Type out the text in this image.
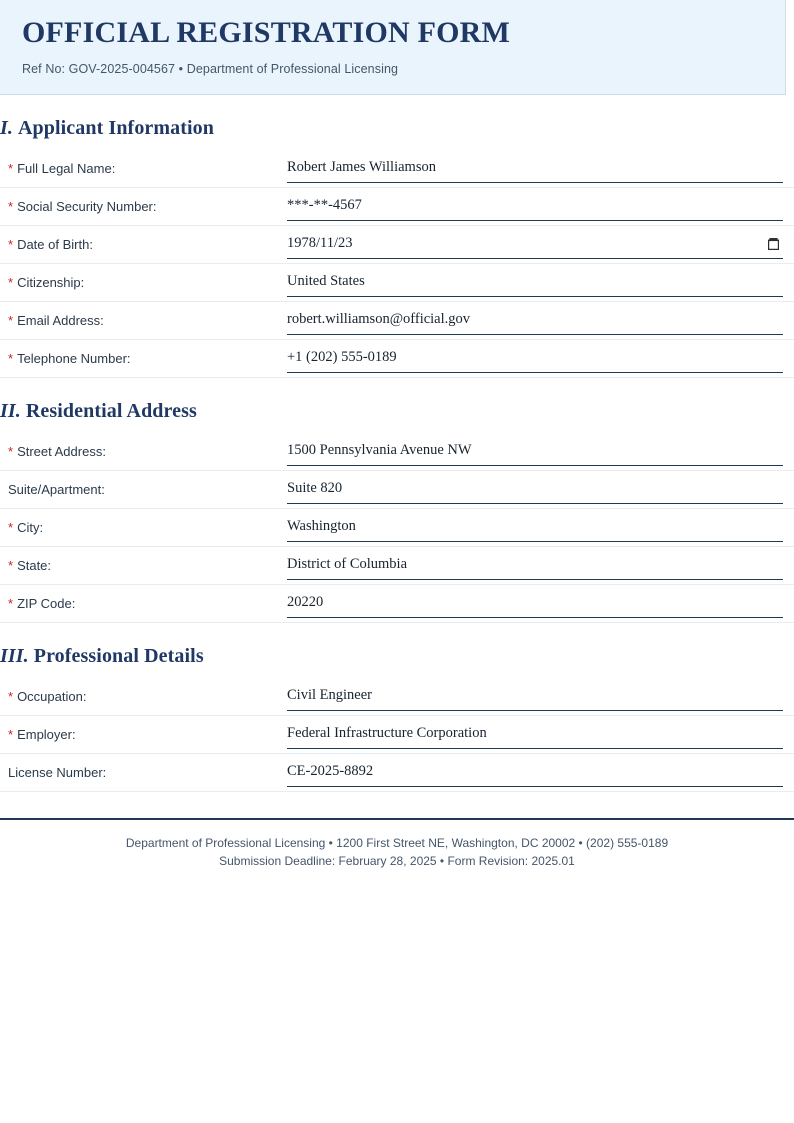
OFFICIAL REGISTRATION FORM

Ref No: GOV-2025-004567 • Department of Professional Licensing

I. Applicant Information
* Full Legal Name:	Robert James Williamson
* Social Security Number:	***-**-4567
* Date of Birth:	1978/11/23
* Citizenship:	United States
* Email Address:	robert.williamson@official.gov
* Telephone Number:	+1 (202) 555-0189
II. Residential Address
* Street Address:	1500 Pennsylvania Avenue NW
Suite/Apartment:	Suite 820
* City:	Washington
* State:	District of Columbia
* ZIP Code:	20220
III. Professional Details
* Occupation:	Civil Engineer
* Employer:	Federal Infrastructure Corporation
License Number:	CE-2025-8892

Department of Professional Licensing • 1200 First Street NE, Washington, DC 20002 • (202) 555-0189

Submission Deadline: February 28, 2025 • Form Revision: 2025.01
